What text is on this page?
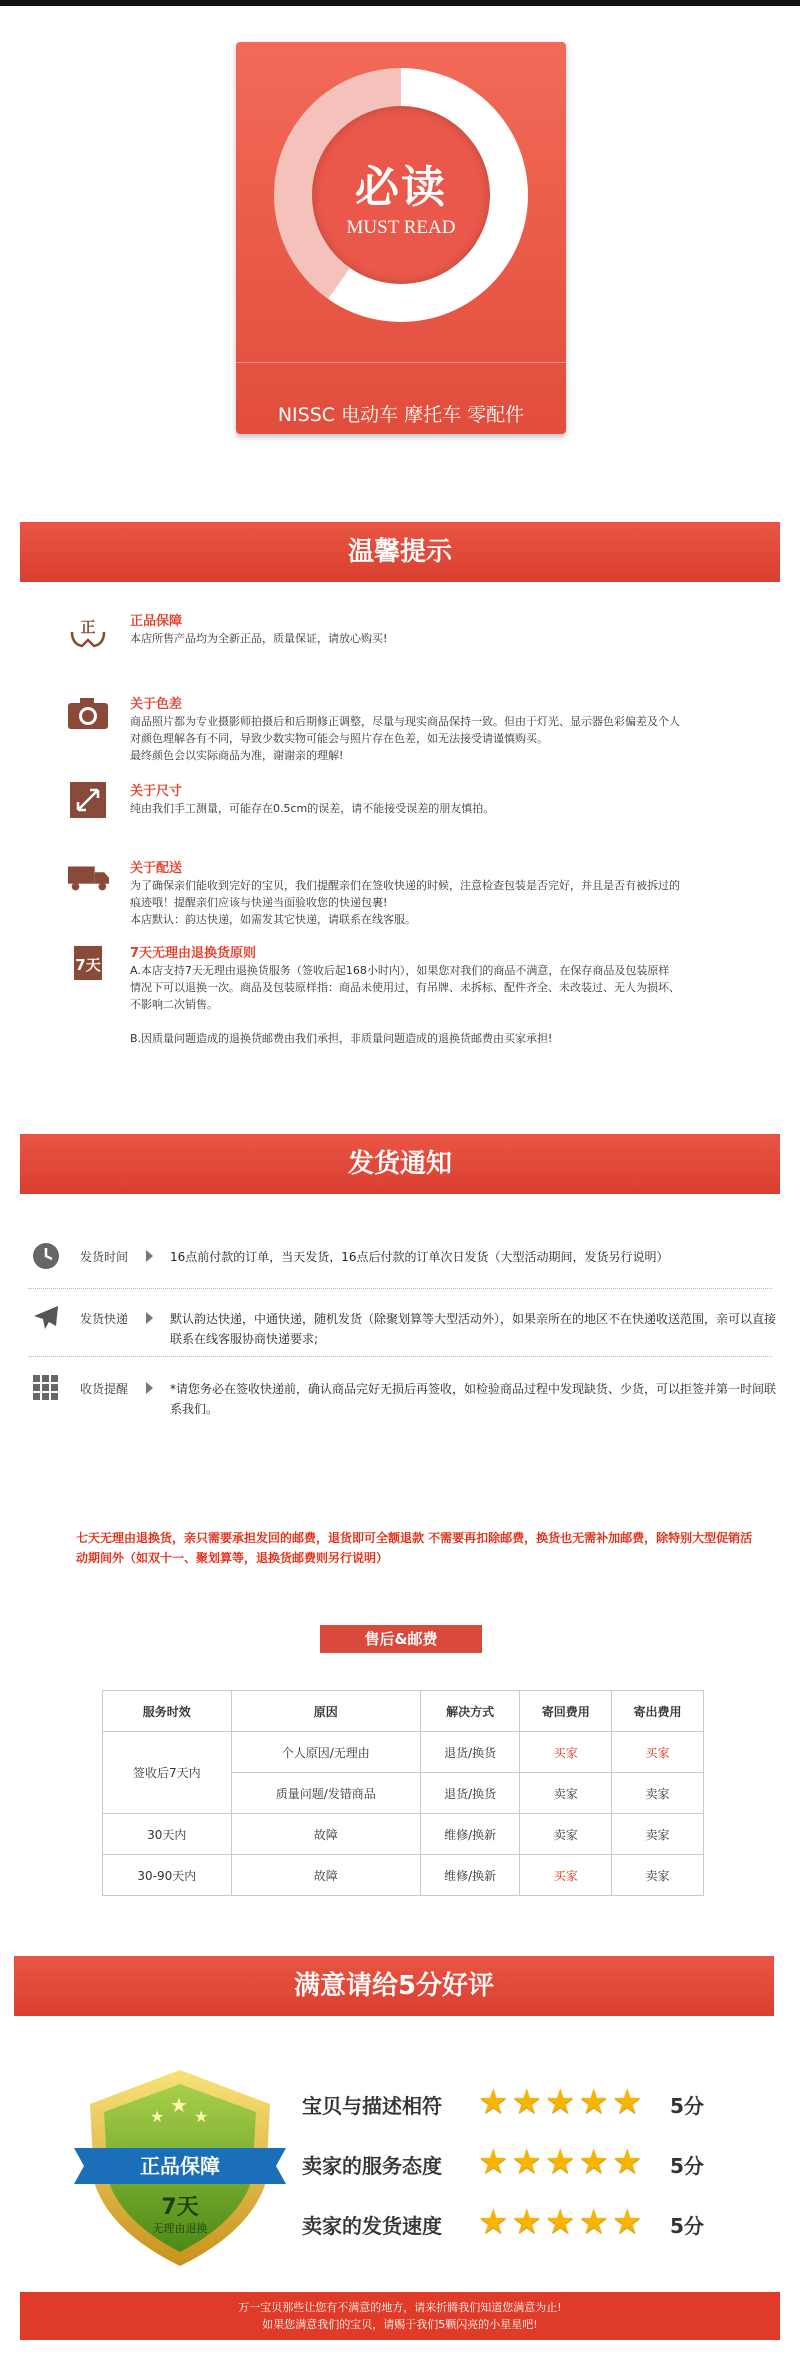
必读
MUST READ
NISSC 电动车 摩托车 零配件
温馨提示
正	正品保障

本店所售产品均为全新正品，质量保证，请放心购买!

关于色差

商品照片都为专业摄影师拍摄后和后期修正调整，尽量与现实商品保持一致。但由于灯光、显示器色彩偏差及个人

对颜色理解各有不同，导致少数实物可能会与照片存在色差，如无法接受请谨慎购买。

最终颜色会以实际商品为准，谢谢亲的理解!

关于尺寸

纯由我们手工测量，可能存在0.5cm的误差，请不能接受误差的朋友慎拍。

关于配送

为了确保亲们能收到完好的宝贝，我们提醒亲们在签收快递的时候，注意检查包装是否完好，并且是否有被拆过的

痕迹哦！提醒亲们应该与快递当面验收您的快递包裹!

本店默认：韵达快递，如需发其它快递，请联系在线客服。

7天
7天无理由退换货原则

A.本店支持7天无理由退换货服务（签收后起168小时内），如果您对我们的商品不满意，在保存商品及包装原样

情况下可以退换一次。商品及包装原样指：商品未使用过，有吊牌、未拆标、配件齐全、未改装过、无人为损坏、

不影响二次销售。

B.因质量问题造成的退换货邮费由我们承担，非质量问题造成的退换货邮费由买家承担!

发货通知
发货时间	16点前付款的订单，当天发货，16点后付款的订单次日发货（大型活动期间，发货另行说明）
发货快递	默认韵达快递，中通快递，随机发货（除聚划算等大型活动外），如果亲所在的地区不在快递收送范围，亲可以直接联系在线客服协商快递要求;
收货提醒	*请您务必在签收快递前，确认商品完好无损后再签收，如检验商品过程中发现缺货、少货，可以拒签并第一时间联系我们。
七天无理由退换货，亲只需要承担发回的邮费，退货即可全额退款 不需要再扣除邮费，换货也无需补加邮费，除特别大型促销活动期间外（如双十一、聚划算等，退换货邮费则另行说明）
售后&邮费
服务时效	原因	解决方式	寄回费用	寄出费用
签收后7天内	个人原因/无理由	退货/换货	买家	买家
	质量问题/发错商品	退货/换货	卖家	卖家
30天内	故障	维修/换新	卖家	卖家
30-90天内	故障	维修/换新	买家	卖家
满意请给5分好评
正品保障
7天
无理由退换
★ ★ ★	宝贝与描述相符 ★ ★ ★ ★ ★ 5分
卖家的服务态度 ★ ★ ★ ★ ★ 5分
卖家的发货速度 ★ ★ ★ ★ ★ 5分
万一宝贝那些让您有不满意的地方，请来折腾我们知道您满意为止!
如果您满意我们的宝贝，请赐于我们5颗闪亮的小星星吧!
